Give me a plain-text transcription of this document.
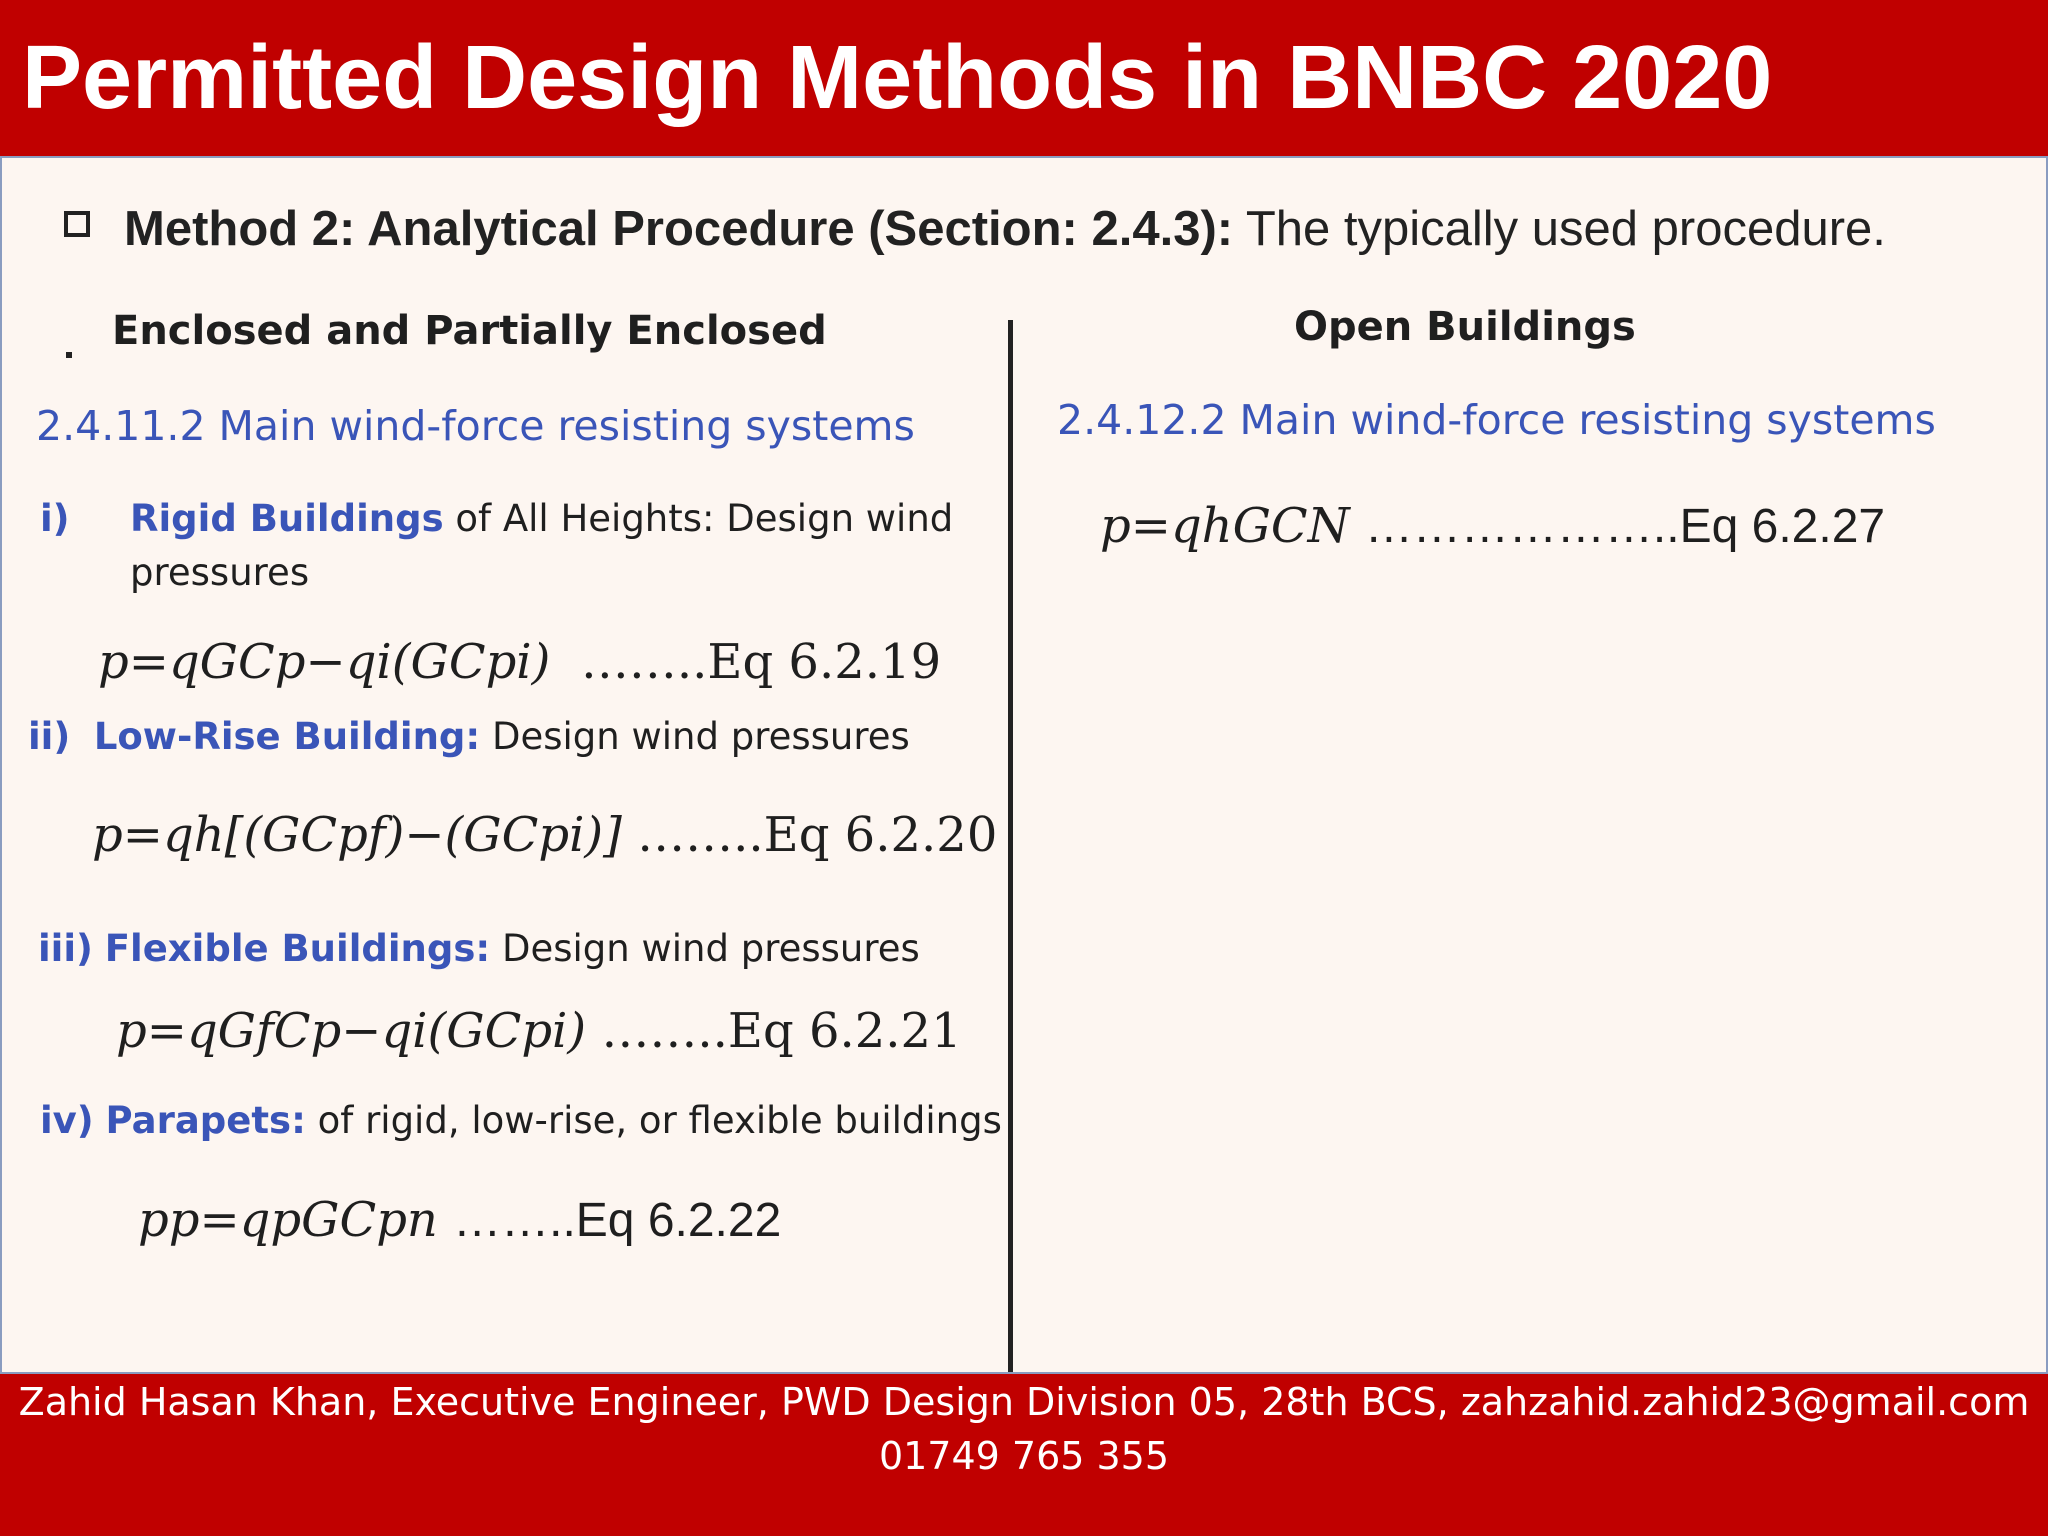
Permitted Design Methods in BNBC 2020
Method 2: Analytical Procedure (Section: 2.4.3): The typically used procedure.
Enclosed and Partially Enclosed
2.4.11.2 Main wind-force resisting systems
i) Rigid Buildings of All Heights: Design wind
pressures
p=qGCp−qi(GCpi) ……..Eq 6.2.19
ii) Low-Rise Building: Design wind pressures
p=qh[(GCpf)−(GCpi)] ……..Eq 6.2.20
iii) Flexible Buildings: Design wind pressures
p=qGfCp−qi(GCpi) ……..Eq 6.2.21
iv) Parapets: of rigid, low-rise, or flexible buildings
pp=qpGCpn ……..Eq 6.2.22
Open Buildings
2.4.12.2 Main wind-force resisting systems
p=qhGCN ………………..Eq 6.2.27
Zahid Hasan Khan, Executive Engineer, PWD Design Division 05, 28th BCS, zahzahid.zahid23@gmail.com
01749 765 355
